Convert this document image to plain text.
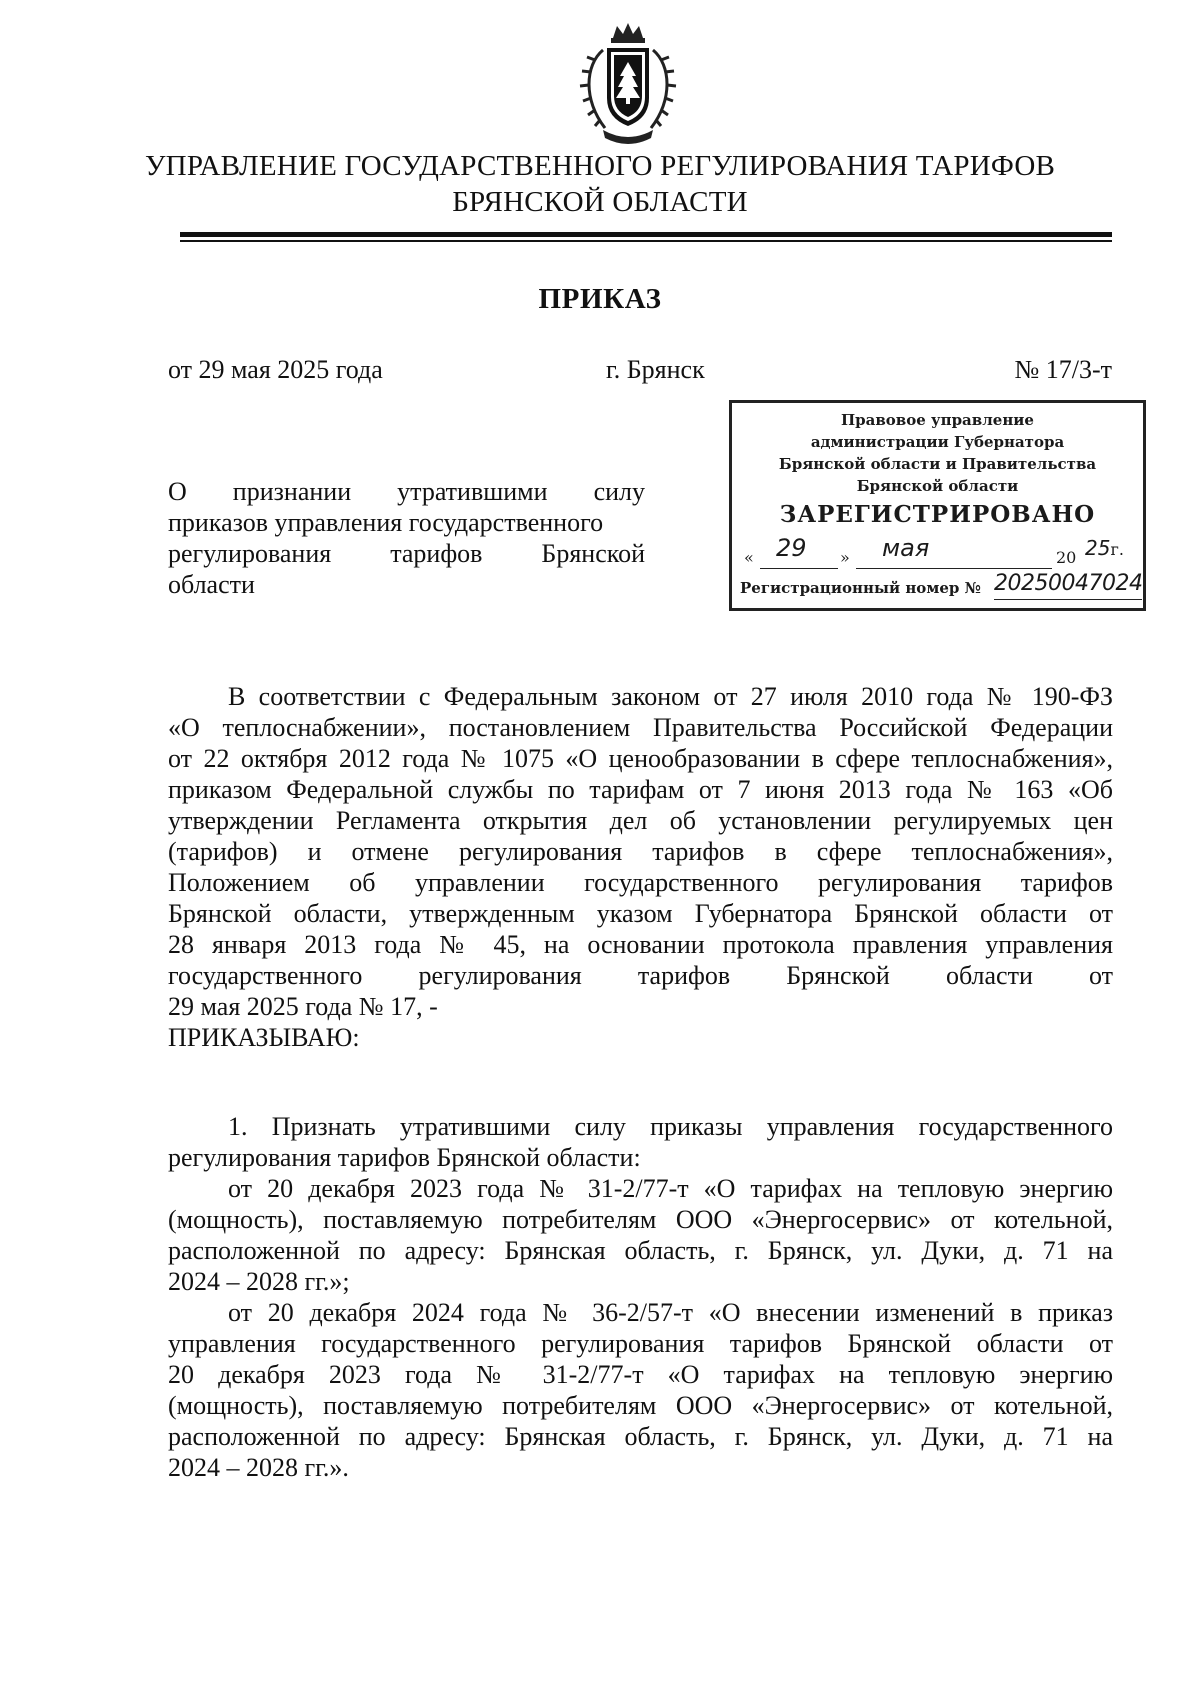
УПРАВЛЕНИЕ ГОСУДАРСТВЕННОГО РЕГУЛИРОВАНИЯ ТАРИФОВ
БРЯНСКОЙ ОБЛАСТИ
ПРИКАЗ
от 29 мая 2025 года	г. Брянск	№ 17/3-т
О признании утратившими силу
приказов управления государственного
регулирования тарифов Брянской
области
Правовое управление
администрации Губернатора
Брянской области и Правительства
Брянской области
ЗАРЕГИСТРИРОВАНО
« 29 » мая	20 25г.
Регистрационный номер № 20250047024
В соответствии с Федеральным законом от 27 июля 2010 года № 190-ФЗ
«О теплоснабжении», постановлением Правительства Российской Федерации
от 22 октября 2012 года № 1075 «О ценообразовании в сфере теплоснабжения»,
приказом Федеральной службы по тарифам от 7 июня 2013 года № 163 «Об
утверждении Регламента открытия дел об установлении регулируемых цен
(тарифов) и отмене регулирования тарифов в сфере теплоснабжения»,
Положением об управлении государственного регулирования тарифов
Брянской области, утвержденным указом Губернатора Брянской области от
28 января 2013 года № 45, на основании протокола правления управления
государственного регулирования тарифов Брянской области от
29 мая 2025 года № 17, -
ПРИКАЗЫВАЮ:
1. Признать утратившими силу приказы управления государственного
регулирования тарифов Брянской области:
от 20 декабря 2023 года № 31-2/77-т «О тарифах на тепловую энергию
(мощность), поставляемую потребителям ООО «Энергосервис» от котельной,
расположенной по адресу: Брянская область, г. Брянск, ул. Дуки, д. 71 на
2024 – 2028 гг.»;
от 20 декабря 2024 года № 36-2/57-т «О внесении изменений в приказ
управления государственного регулирования тарифов Брянской области от
20 декабря 2023 года № 31-2/77-т «О тарифах на тепловую энергию
(мощность), поставляемую потребителям ООО «Энергосервис» от котельной,
расположенной по адресу: Брянская область, г. Брянск, ул. Дуки, д. 71 на
2024 – 2028 гг.».
